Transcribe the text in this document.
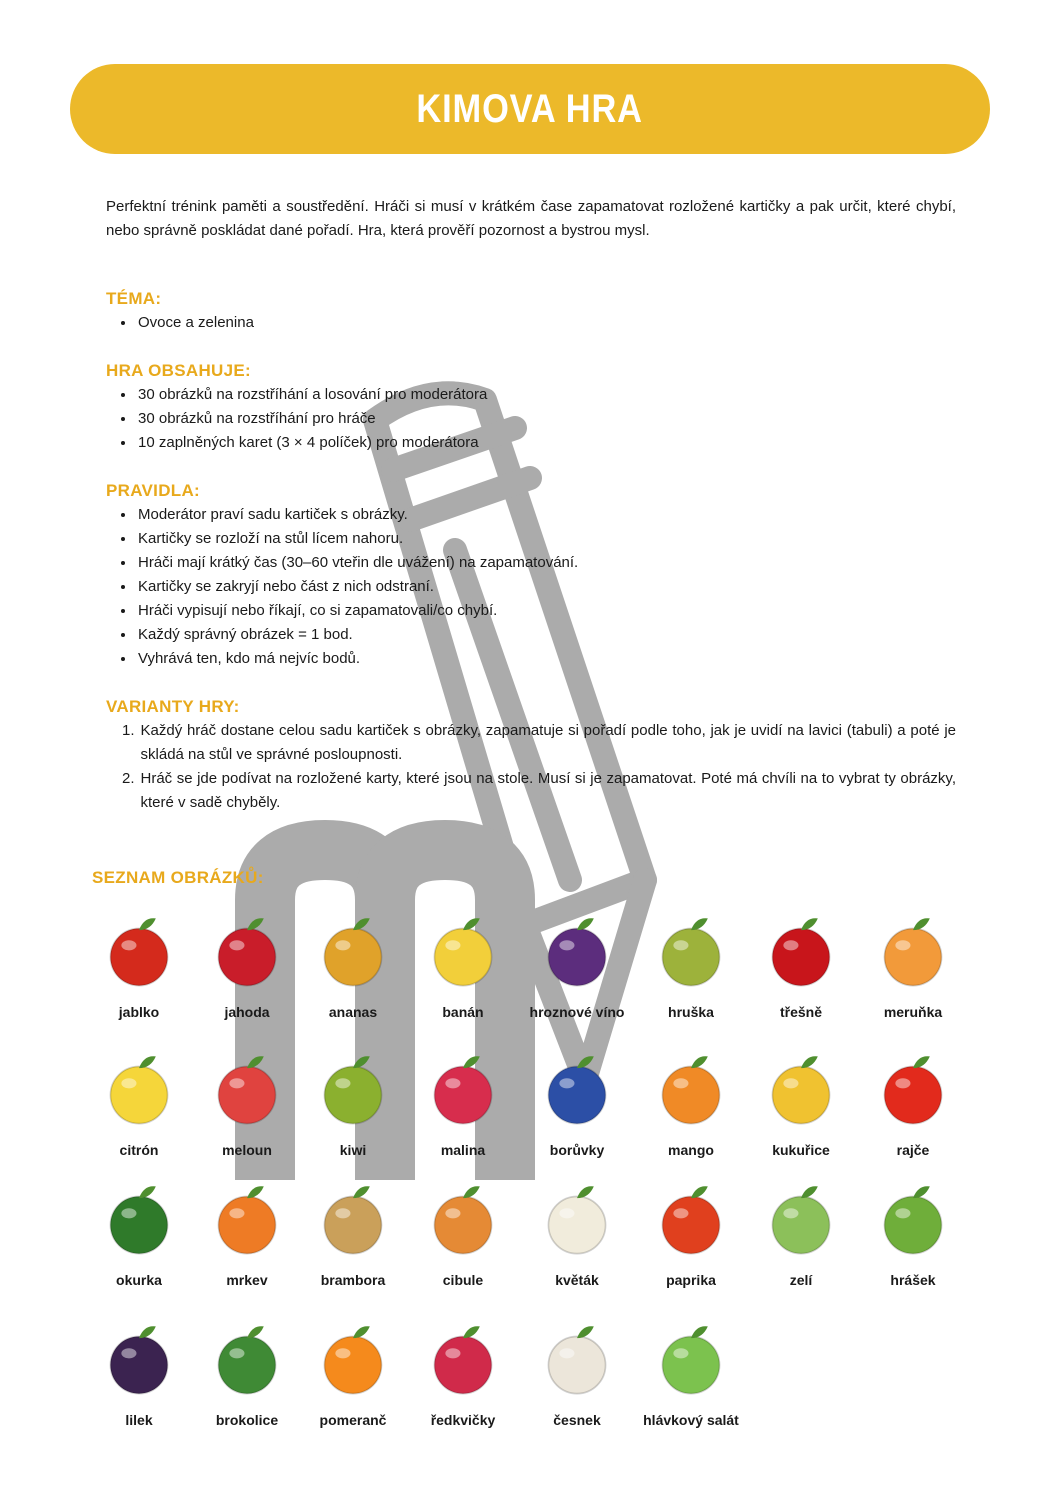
KIMOVA HRA

Perfektní trénink paměti a soustředění. Hráči si musí v krátkém čase zapamatovat rozložené kartičky a pak určit, které chybí, nebo správně poskládat dané pořadí. Hra, která prověří pozornost a bystrou mysl.

TÉMA:
• Ovoce a zelenina
HRA OBSAHUJE:
• 30 obrázků na rozstříhání a losování pro moderátora
• 30 obrázků na rozstříhání pro hráče
• 10 zaplněných karet (3 × 4 políček) pro moderátora
PRAVIDLA:
• Moderátor praví sadu kartiček s obrázky.
• Kartičky se rozloží na stůl lícem nahoru.
• Hráči mají krátký čas (30–60 vteřin dle uvážení) na zapamatování.
• Kartičky se zakryjí nebo část z nich odstraní.
• Hráči vypisují nebo říkají, co si zapamatovali/co chybí.
• Každý správný obrázek = 1 bod.
• Vyhrává ten, kdo má nejvíc bodů.
VARIANTY HRY:
1. Každý hráč dostane celou sadu kartiček s obrázky, zapamatuje si pořadí podle toho, jak je uvidí na lavici (tabuli) a poté je skládá na stůl ve správné posloupnosti.
2. Hráč se jde podívat na rozložené karty, které jsou na stole. Musí si je zapamatovat. Poté má chvíli na to vybrat ty obrázky, které v sadě chyběly.
SEZNAM OBRÁZKŮ:
jablko	jahoda	ananas	banán	hroznové víno	hruška	třešně	meruňka
citrón	meloun	kiwi	malina	borůvky	mango	kukuřice	rajče
okurka	mrkev	brambora	cibule	květák	paprika	zelí	hrášek
lilek	brokolice	pomeranč	ředkvičky	česnek	hlávkový salát
